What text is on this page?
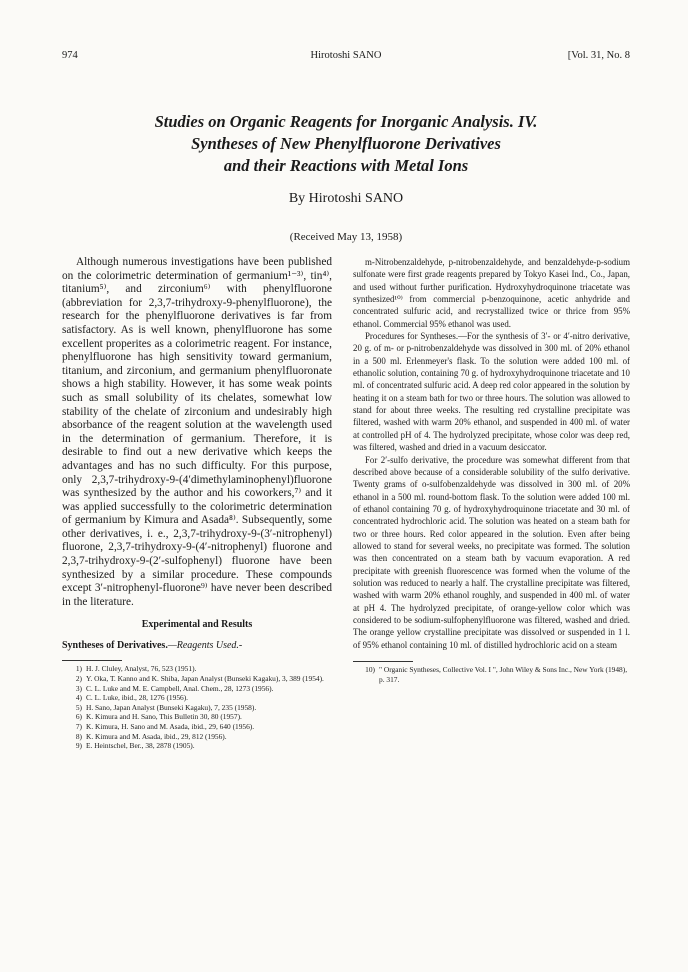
974	Hirotoshi SANO	[Vol. 31, No. 8
Studies on Organic Reagents for Inorganic Analysis. IV.
Syntheses of New Phenylfluorone Derivatives
and their Reactions with Metal Ions
By Hirotoshi SANO
(Received May 13, 1958)

Although numerous investigations have been published on the colorimetric determination of germanium¹⁻³⁾, tin⁴⁾, titanium⁵⁾, and zirconium⁶⁾ with phenylfluorone (abbreviation for 2,3,7-trihydroxy-9-phenylfluorone), the research for the phenylfluorone derivatives is far from satisfactory. As is well known, phenylfluorone has some excellent properites as a colorimetric reagent. For instance, phenylfluorone has high sensitivity toward germanium, titanium, and zirconium, and germanium phenylfluoronate shows a high stability. However, it has some weak points such as small solubility of its chelates, somewhat low stability of the chelate of zirconium and undesirably high absorbance of the reagent solution at the wavelength used in the determination of germanium. Therefore, it is desirable to find out a new derivative which keeps the advantages and has no such difficulty. For this purpose, only 2,3,7-trihydroxy-9-(4′dimethylaminophenyl)fluorone was synthesized by the author and his coworkers,⁷⁾ and it was applied successfully to the colorimetric determination of germanium by Kimura and Asada⁸⁾. Subsequently, some other derivatives, i. e., 2,3,7-trihydroxy-9-(3′-nitrophenyl) fluorone, 2,3,7-trihydroxy-9-(4′-nitrophenyl) fluorone and 2,3,7-trihydroxy-9-(2′-sulfophenyl) fluorone have been synthesized by a similar procedure. These compounds except 3′-nitrophenyl-fluorone⁹⁾ have never been described in the literature.

Experimental and Results
Syntheses of Derivatives.—Reagents Used.-
1) H. J. Cluley, Analyst, 76, 523 (1951).
2) Y. Oka, T. Kanno and K. Shiba, Japan Analyst (Bunseki Kagaku), 3, 389 (1954).
3) C. L. Luke and M. E. Campbell, Anal. Chem., 28, 1273 (1956).
4) C. L. Luke, ibid., 28, 1276 (1956).
5) H. Sano, Japan Analyst (Bunseki Kagaku), 7, 235 (1958).
6) K. Kimura and H. Sano, This Bulletin 30, 80 (1957).
7) K. Kimura, H. Sano and M. Asada, ibid., 29, 640 (1956).
8) K. Kimura and M. Asada, ibid., 29, 812 (1956).
9) E. Heintschel, Ber., 38, 2878 (1905).

m-Nitrobenzaldehyde, p-nitrobenzaldehyde, and benzaldehyde-p-sodium sulfonate were first grade reagents prepared by Tokyo Kasei Ind., Co., Japan, and used without further purification. Hydroxyhydroquinone triacetate was synthesized¹⁰⁾ from commercial p-benzoquinone, acetic anhydride and concentrated sulfuric acid, and recrystallized twice or thrice from 95% ethanol. Commercial 95% ethanol was used.

Procedures for Syntheses.—For the synthesis of 3′- or 4′-nitro derivative, 20 g. of m- or p-nitrobenzaldehyde was dissolved in 300 ml. of 20% ethanol in a 500 ml. Erlenmeyer's flask. To the solution were added 100 ml. of ethanolic solution, containing 70 g. of hydroxyhydroquinone triacetate and 10 ml. of concentrated sulfuric acid. A deep red color appeared in the solution by heating it on a steam bath for two or three hours. The solution was allowed to stand for about three weeks. The resulting red crystalline precipitate was filtered, washed with warm 20% ethanol, and suspended in 400 ml. of water at controlled pH of 4. The hydrolyzed precipitate, whose color was deep red, was filtered, washed and dried in a vacuum desiccator.

For 2′-sulfo derivative, the procedure was somewhat different from that described above because of a considerable solubility of the sulfo derivative. Twenty grams of o-sulfobenzaldehyde was dissolved in 300 ml. of 20% ethanol in a 500 ml. round-bottom flask. To the solution were added 100 ml. of ethanol containing 70 g. of hydroxyhydroquinone triacetate and 30 ml. of concentrated hydrochloric acid. The solution was heated on a steam bath for two or three hours. Red color appeared in the solution. Even after being allowed to stand for several weeks, no precipitate was formed. The solution was then concentrated on a steam bath by vacuum evaporation. A red precipitate with greenish fluorescence was formed when the volume of the solution was reduced to nearly a half. The crystalline precipitate was filtered, washed with warm 20% ethanol roughly, and suspended in 400 ml. of water at pH 4. The hydrolyzed precipitate, of orange-yellow color which was considered to be sodium-sulfophenylfluorone was filtered, washed and dried. The orange yellow crystalline precipitate was dissolved or suspended in 1 l. of 95% ethanol containing 10 ml. of distilled hydrochloric acid on a steam

10) " Organic Syntheses, Collective Vol. I ", John Wiley & Sons Inc., New York (1948), p. 317.
